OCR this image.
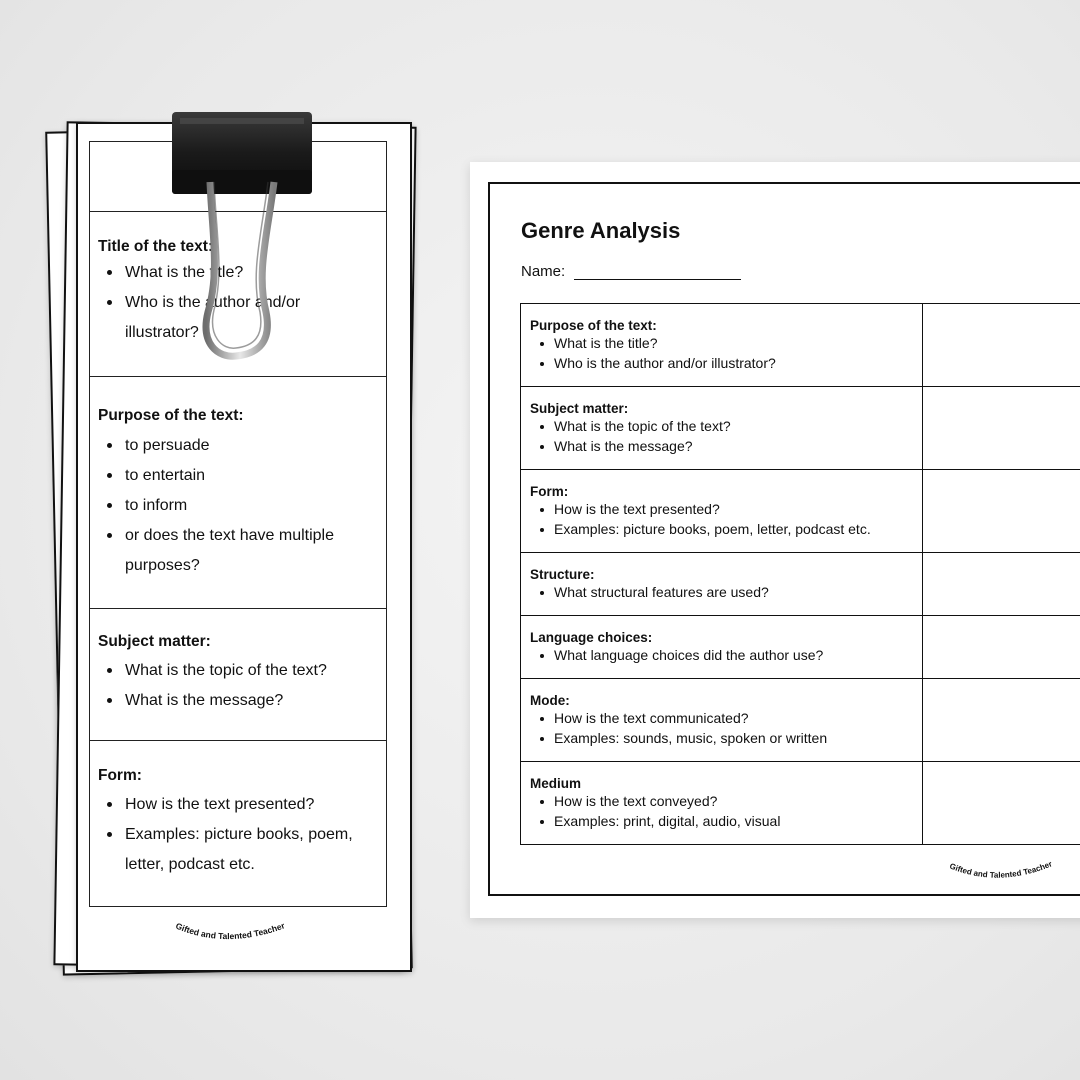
Title of the text:

What is the title?
Who is the author and/or
illustrator?

Purpose of the text:

to persuade
to entertain
to inform
or does the text have multiple
purposes?

Subject matter:

What is the topic of the text?
What is the message?

Form:

How is the text presented?
Examples: picture books, poem,
letter, podcast etc.
Gifted and Talented Teacher
Genre Analysis
Name:
Purpose of the text:
What is the title?
Who is the author and/or illustrator?
Subject matter:
What is the topic of the text?
What is the message?
Form:
How is the text presented?
Examples: picture books, poem, letter, podcast etc.
Structure:
What structural features are used?
Language choices:
What language choices did the author use?
Mode:
How is the text communicated?
Examples: sounds, music, spoken or written
Medium
How is the text conveyed?
Examples: print, digital, audio, visual
Gifted and Talented Teacher
